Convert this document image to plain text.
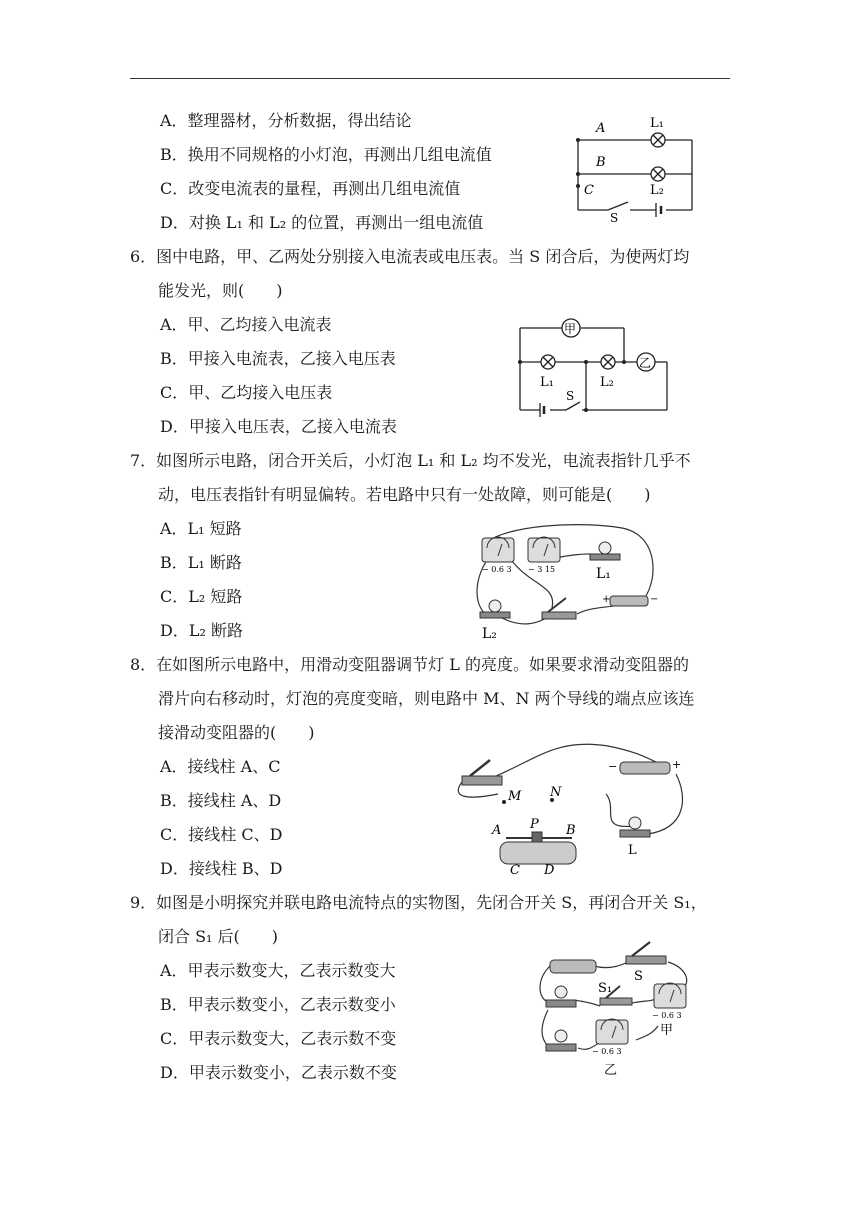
A．整理器材，分析数据，得出结论
B．换用不同规格的小灯泡，再测出几组电流值
C．改变电流表的量程，再测出几组电流值
D．对换 L₁ 和 L₂ 的位置，再测出一组电流值
A
B
C
L₁
L₂
S
6．图中电路，甲、乙两处分别接入电流表或电压表。当 S 闭合后，为使两灯均
能发光，则(　　)
A．甲、乙均接入电流表
B．甲接入电流表，乙接入电压表
C．甲、乙均接入电压表
D．甲接入电压表，乙接入电流表
甲
乙
L₁	L₂
S
7．如图所示电路，闭合开关后，小灯泡 L₁ 和 L₂ 均不发光，电流表指针几乎不
动，电压表指针有明显偏转。若电路中只有一处故障，则可能是(　　)
A．L₁ 短路
B．L₁ 断路
C．L₂ 短路
D．L₂ 断路
− 0.6 3 − 3 15	L₁
+	−
L₂
8．在如图所示电路中，用滑动变阻器调节灯 L 的亮度。如果要求滑动变阻器的
滑片向右移动时，灯泡的亮度变暗，则电路中 M、N 两个导线的端点应该连
接滑动变阻器的(　　)
A．接线柱 A、C
B．接线柱 A、D
C．接线柱 C、D
D．接线柱 B、D
−	+
M N
L
A P B
C D
9．如图是小明探究并联电路电流特点的实物图，先闭合开关 S，再闭合开关 S₁，
闭合 S₁ 后(　　)
A．甲表示数变大，乙表示数变大
B．甲表示数变小，乙表示数变小
C．甲表示数变大，乙表示数不变
D．甲表示数变小，乙表示数不变
S
S₁
− 0.6 3
甲
− 0.6 3
乙
